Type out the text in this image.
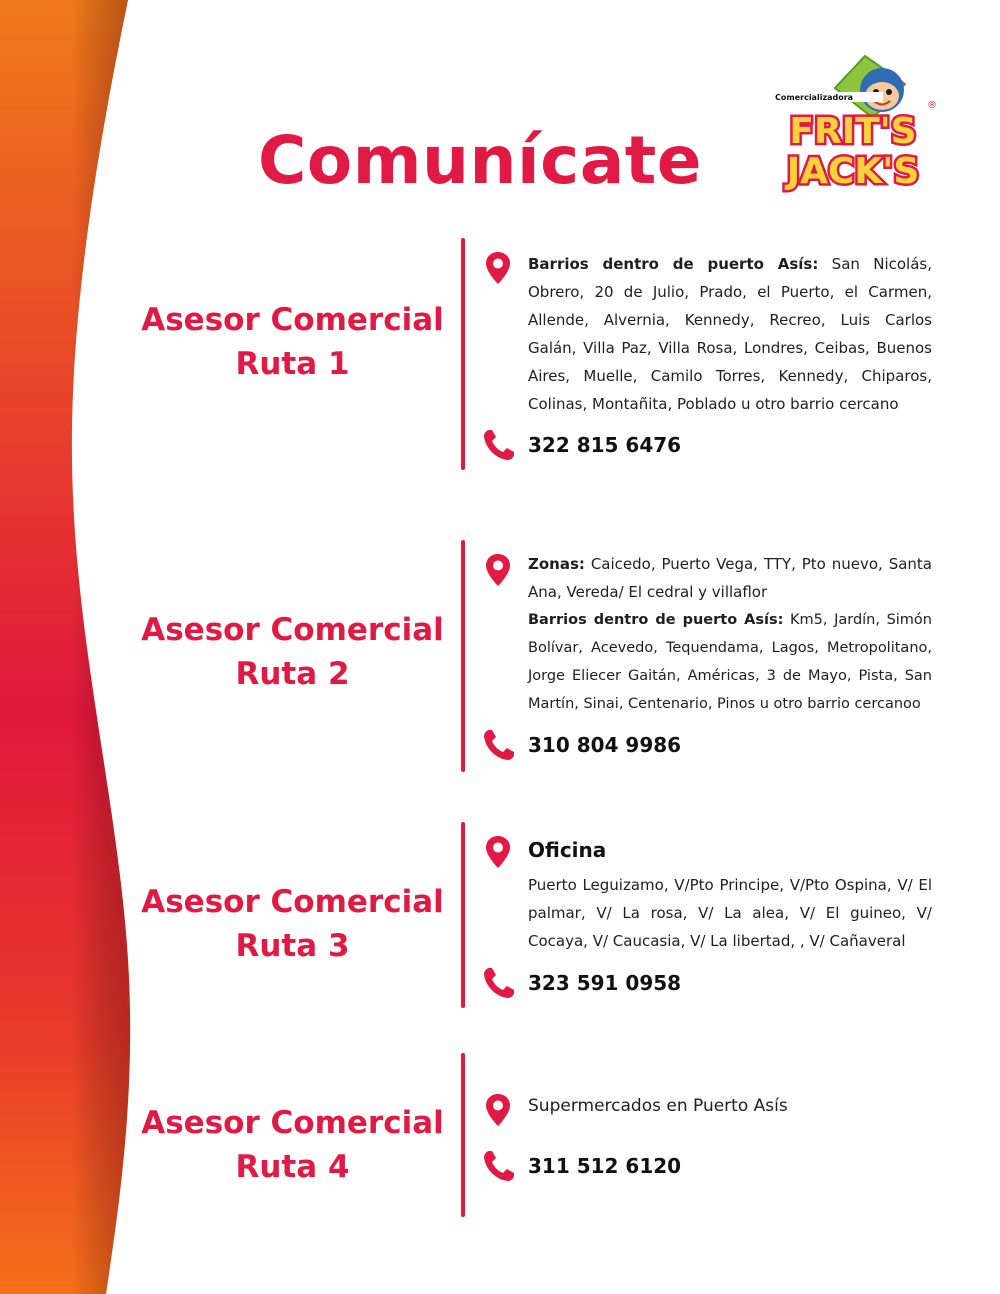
Comunícate
Comercializadora
®
FRIT'S
JACK'S
Asesor Comercial
Ruta 1
Barrios dentro de puerto Asís: San Nicolás, Obrero, 20 de Julio, Prado, el Puerto, el Carmen, Allende, Alvernia, Kennedy, Recreo, Luis Carlos Galán, Villa Paz, Villa Rosa, Londres, Ceibas, Buenos Aires, Muelle, Camilo Torres, Kennedy, Chiparos, Colinas, Montañita, Poblado u otro barrio cercano
322 815 6476
Asesor Comercial
Ruta 2
Zonas: Caicedo, Puerto Vega, TTY, Pto nuevo, Santa Ana, Vereda/ El cedral y villaflor
Barrios dentro de puerto Asís: Km5, Jardín, Simón Bolívar, Acevedo, Tequendama, Lagos, Metropolitano, Jorge Eliecer Gaitán, Américas, 3 de Mayo, Pista, San Martín, Sinai, Centenario, Pinos u otro barrio cercanoo
310 804 9986
Asesor Comercial
Ruta 3
Oficina
Puerto Leguizamo, V/Pto Principe, V/Pto Ospina, V/ El palmar, V/ La rosa, V/ La alea, V/ El guineo, V/ Cocaya, V/ Caucasia, V/ La libertad, , V/ Cañaveral
323 591 0958
Asesor Comercial
Ruta 4
Supermercados en Puerto Asís
311 512 6120
